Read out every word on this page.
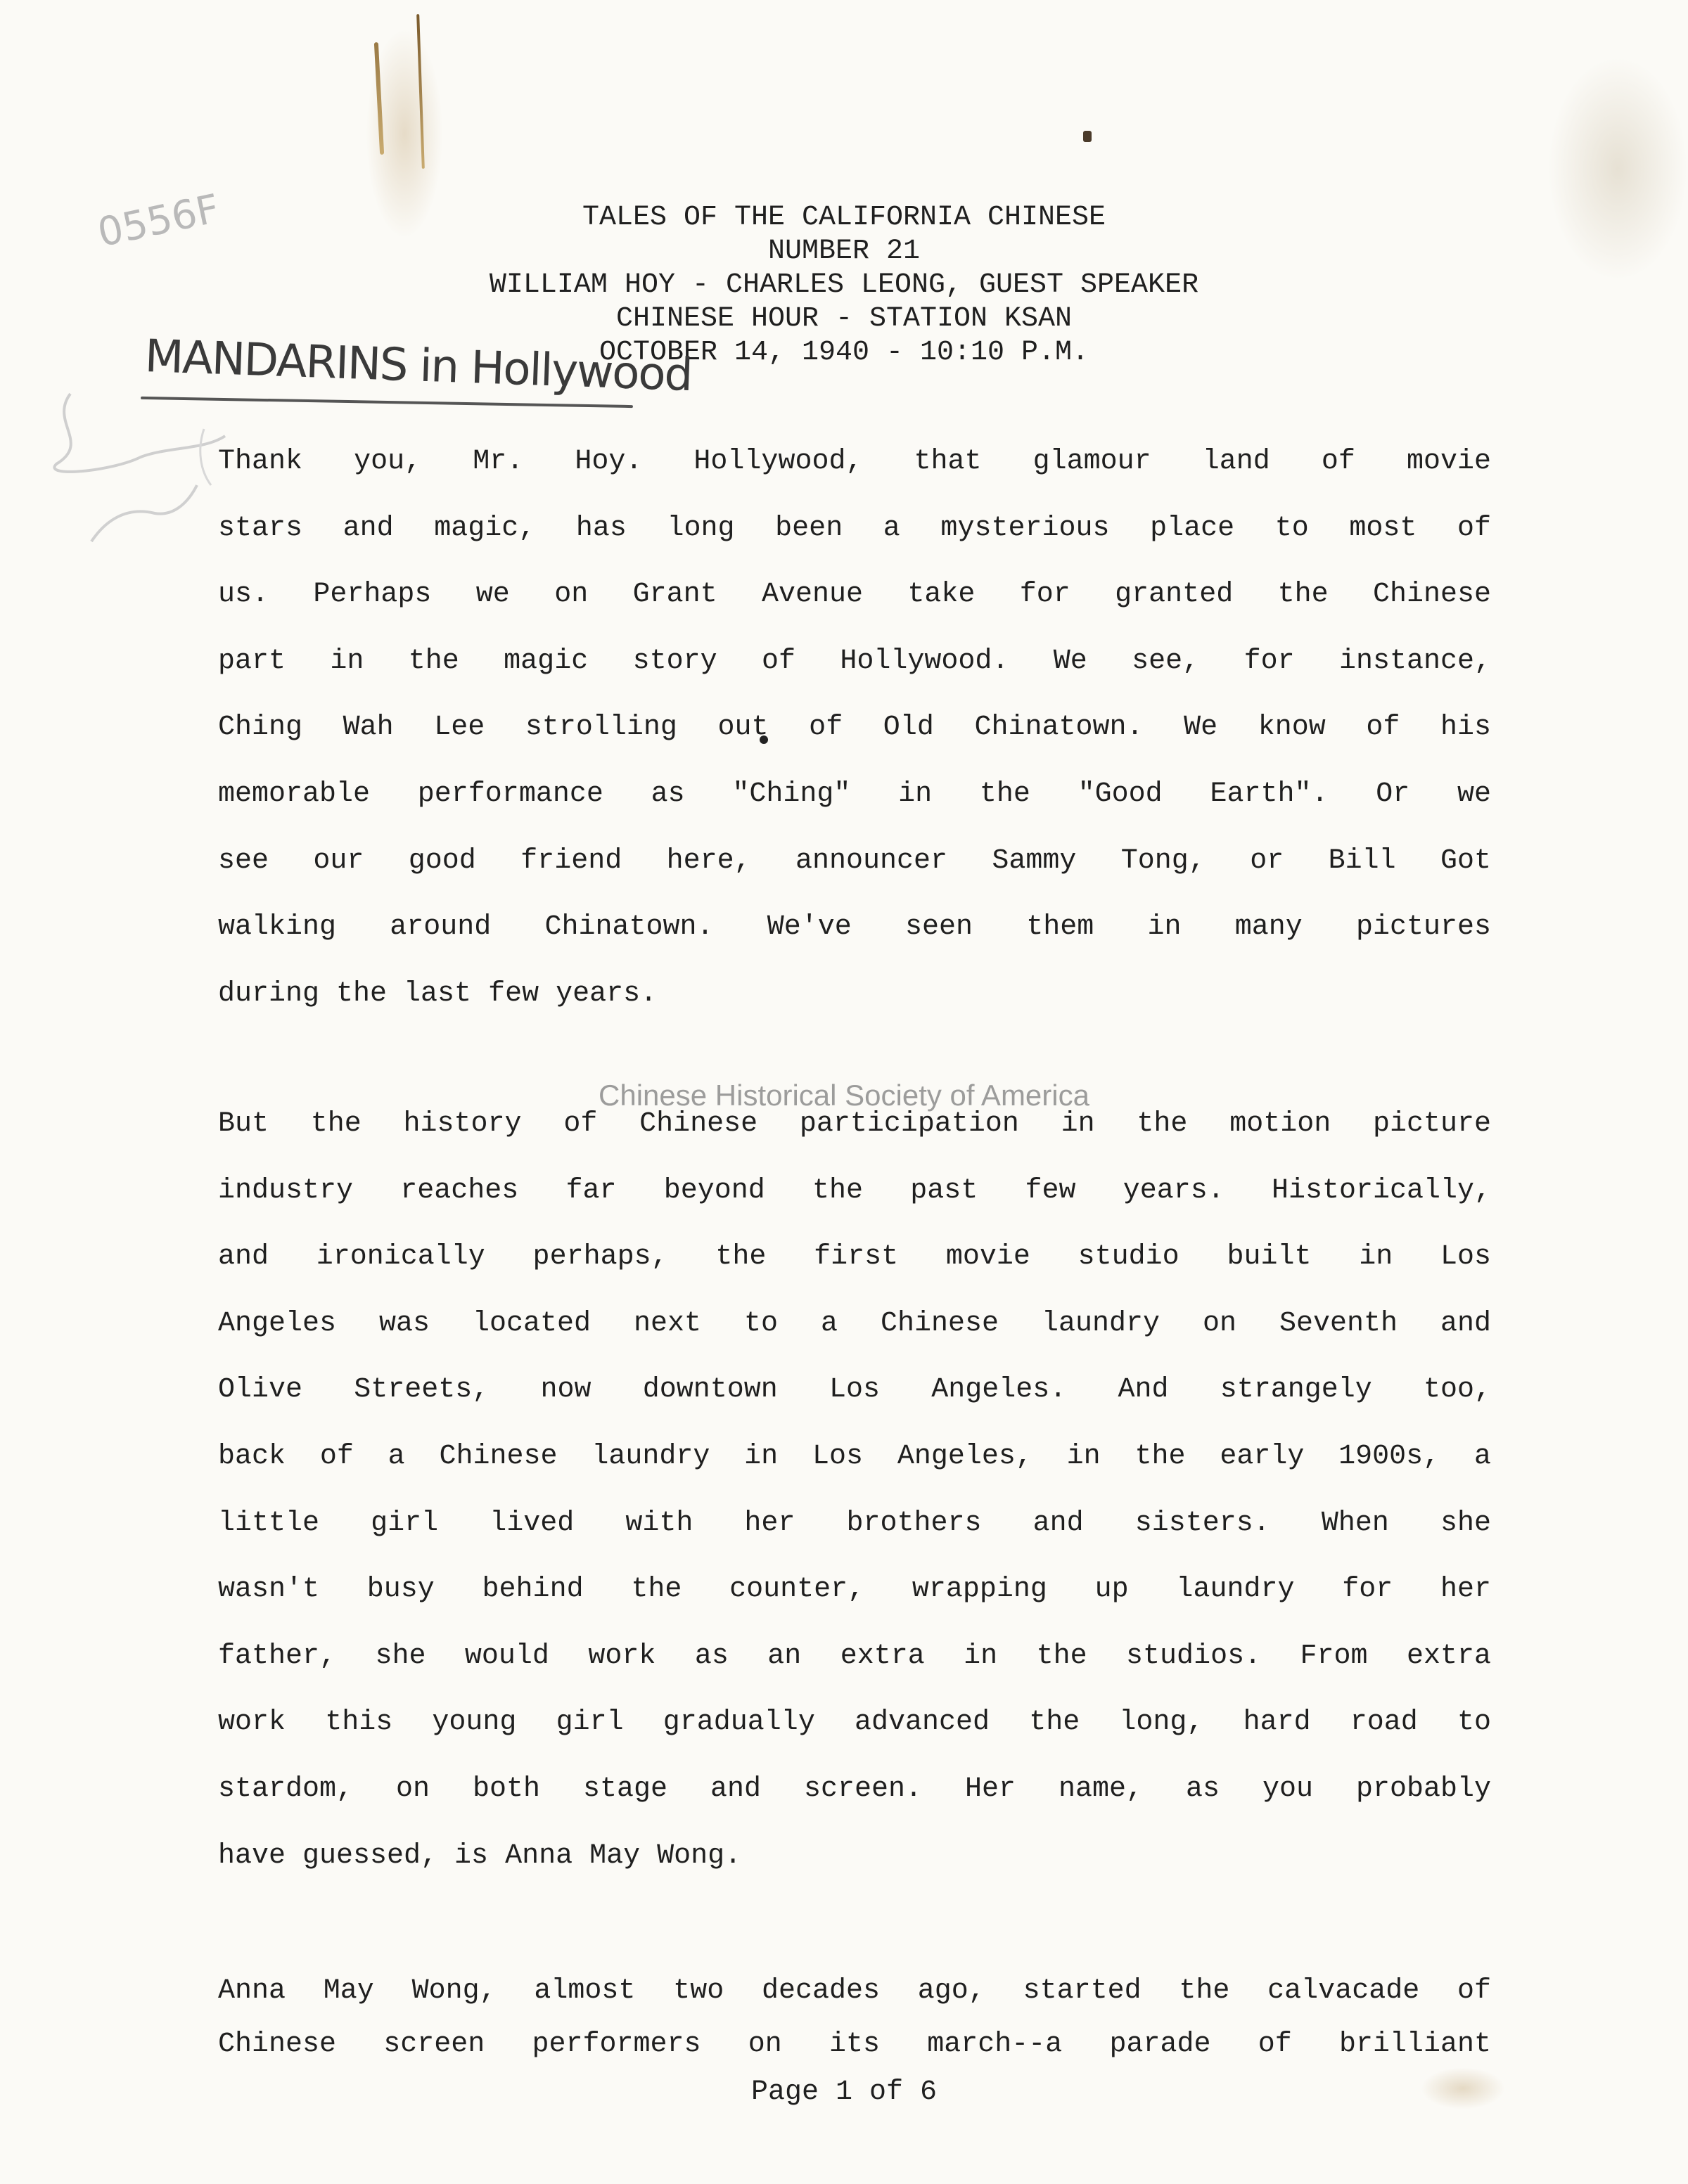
0556F	TALES OF THE CALIFORNIA CHINESE
NUMBER 21
WILLIAM HOY - CHARLES LEONG, GUEST SPEAKER
CHINESE HOUR - STATION KSAN
OCTOBER 14, 1940 - 10:10 P.M.
MANDARINS in Hollywood
Thank you, Mr. Hoy. Hollywood, that glamour land of movie
stars and magic, has long been a mysterious place to most of
us. Perhaps we on Grant Avenue take for granted the Chinese
part in the magic story of Hollywood. We see, for instance,
Ching Wah Lee strolling out of Old Chinatown. We know of his
memorable performance as "Ching" in the "Good Earth". Or we
see our good friend here, announcer Sammy Tong, or Bill Got
walking around Chinatown. We've seen them in many pictures
during the last few years.
Chinese Historical Society of America
But the history of Chinese participation in the motion picture
industry reaches far beyond the past few years. Historically,
and ironically perhaps, the first movie studio built in Los
Angeles was located next to a Chinese laundry on Seventh and
Olive Streets, now downtown Los Angeles. And strangely too,
back of a Chinese laundry in Los Angeles, in the early 1900s, a
little girl lived with her brothers and sisters. When she
wasn't busy behind the counter, wrapping up laundry for her
father, she would work as an extra in the studios. From extra
work this young girl gradually advanced the long, hard road to
stardom, on both stage and screen. Her name, as you probably
have guessed, is Anna May Wong.
Anna May Wong, almost two decades ago, started the calvacade of
Chinese screen performers on its march--a parade of brilliant
Page 1 of 6
